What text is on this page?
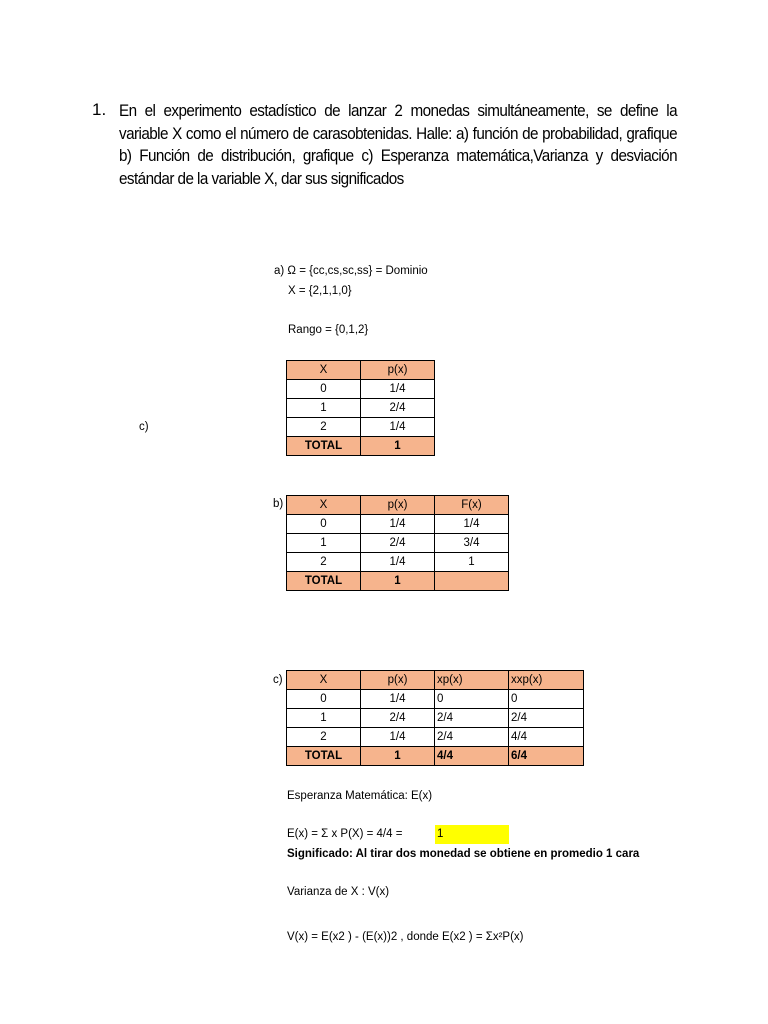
1. En el experimento estadístico de lanzar 2 monedas simultáneamente, se define la variable X como el número de carasobtenidas. Halle: a) función de probabilidad, grafique b) Función de distribución, grafique c) Esperanza matemática,Varianza y desviación estándar de la variable X, dar sus significados
a) Ω = {cc,cs,sc,ss} = Dominio
X = {2,1,1,0}
Rango = {0,1,2}
c)
X	p(x)
0	1/4
1	2/4
2	1/4
TOTAL	1
b)	X	p(x)	F(x)
0	1/4	1/4
1	2/4	3/4
2	1/4	1
TOTAL	1	
c)	X	p(x)	xp(x)	xxp(x)
0	1/4	0	0
1	2/4	2/4	2/4
2	1/4	2/4	4/4
TOTAL	1	4/4	6/4
Esperanza Matemática: E(x)
E(x) = Σ x P(X) = 4/4 =	1
Significado: Al tirar dos monedad se obtiene en promedio 1 cara
Varianza de X : V(x)
V(x) = E(x2 ) - (E(x))2 , donde E(x2 ) = Σx²P(x)
